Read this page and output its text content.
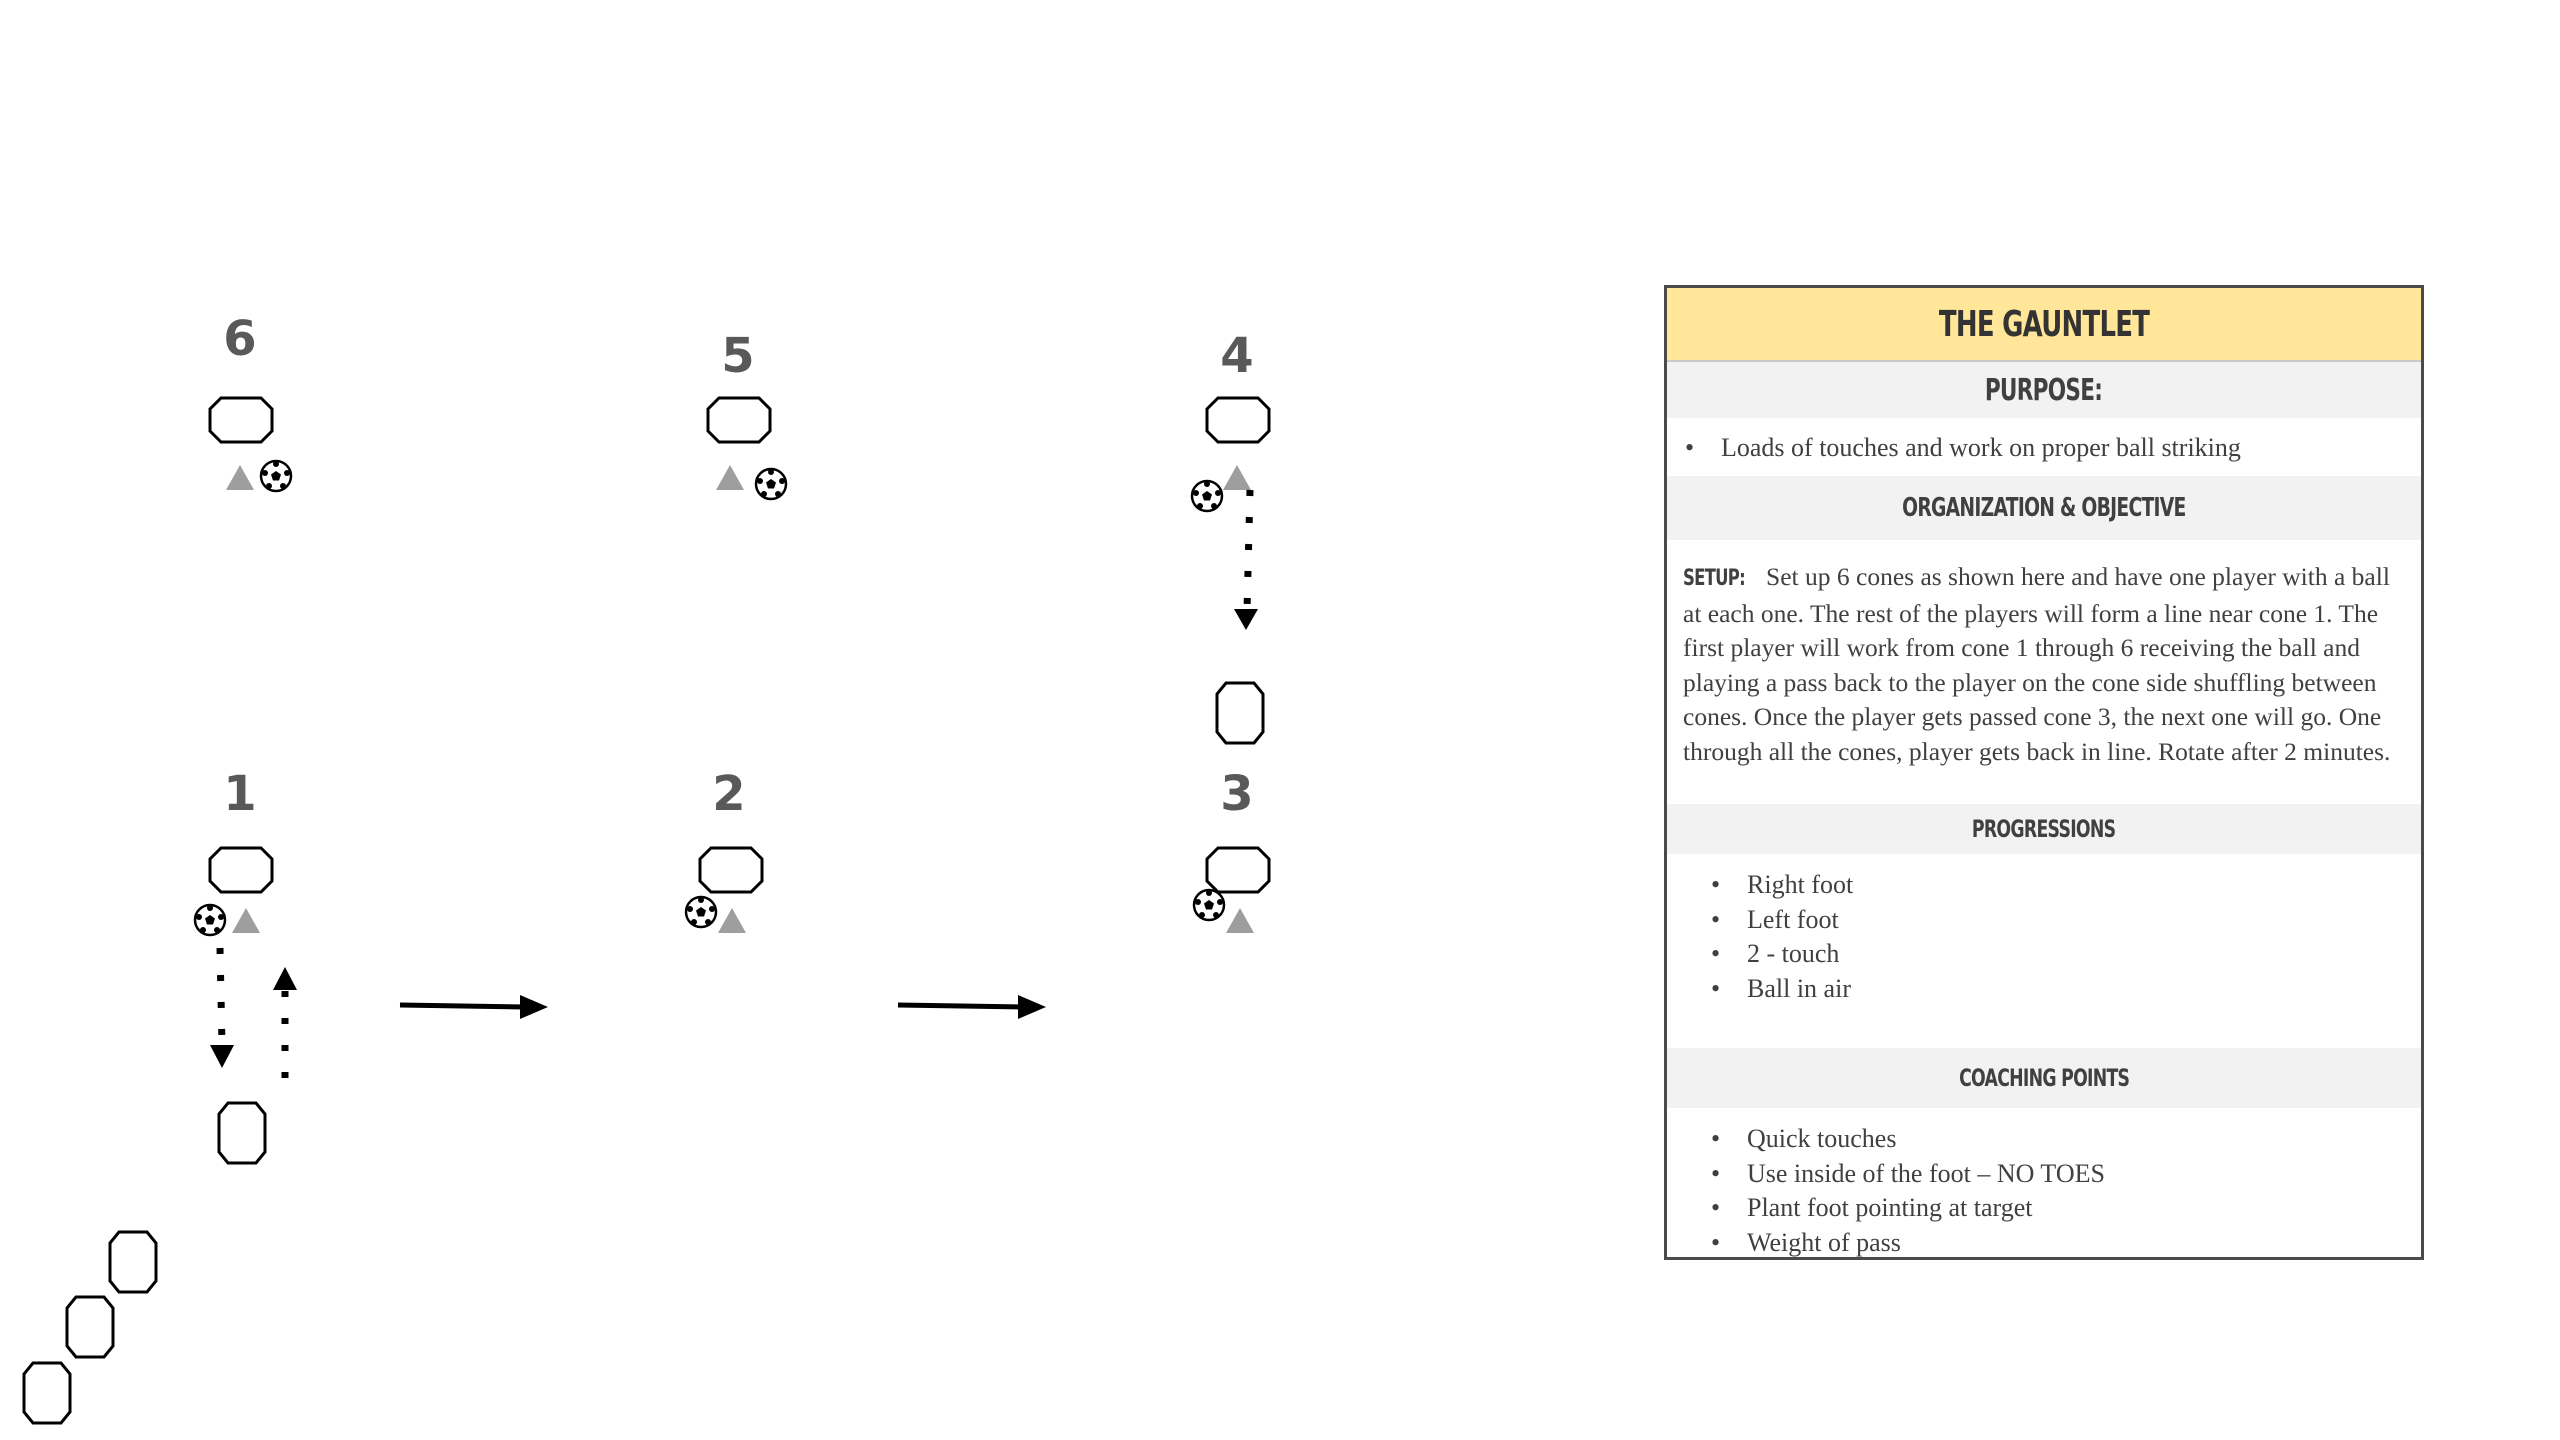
6	5	4
1	2	3
THE GAUNTLET
PURPOSE:
• Loads of touches and work on proper ball striking
ORGANIZATION & OBJECTIVE
SETUP: Set up 6 cones as shown here and have one player with a ball at each one. The rest of the players will form a line near cone 1. The first player will work from cone 1 through 6 receiving the ball and playing a pass back to the player on the cone side shuffling between cones. Once the player gets passed cone 3, the next one will go. One through all the cones, player gets back in line. Rotate after 2 minutes.
PROGRESSIONS
• Right foot
• Left foot
• 2 - touch
• Ball in air
COACHING POINTS
• Quick touches
• Use inside of the foot – NO TOES
• Plant foot pointing at target
• Weight of pass
